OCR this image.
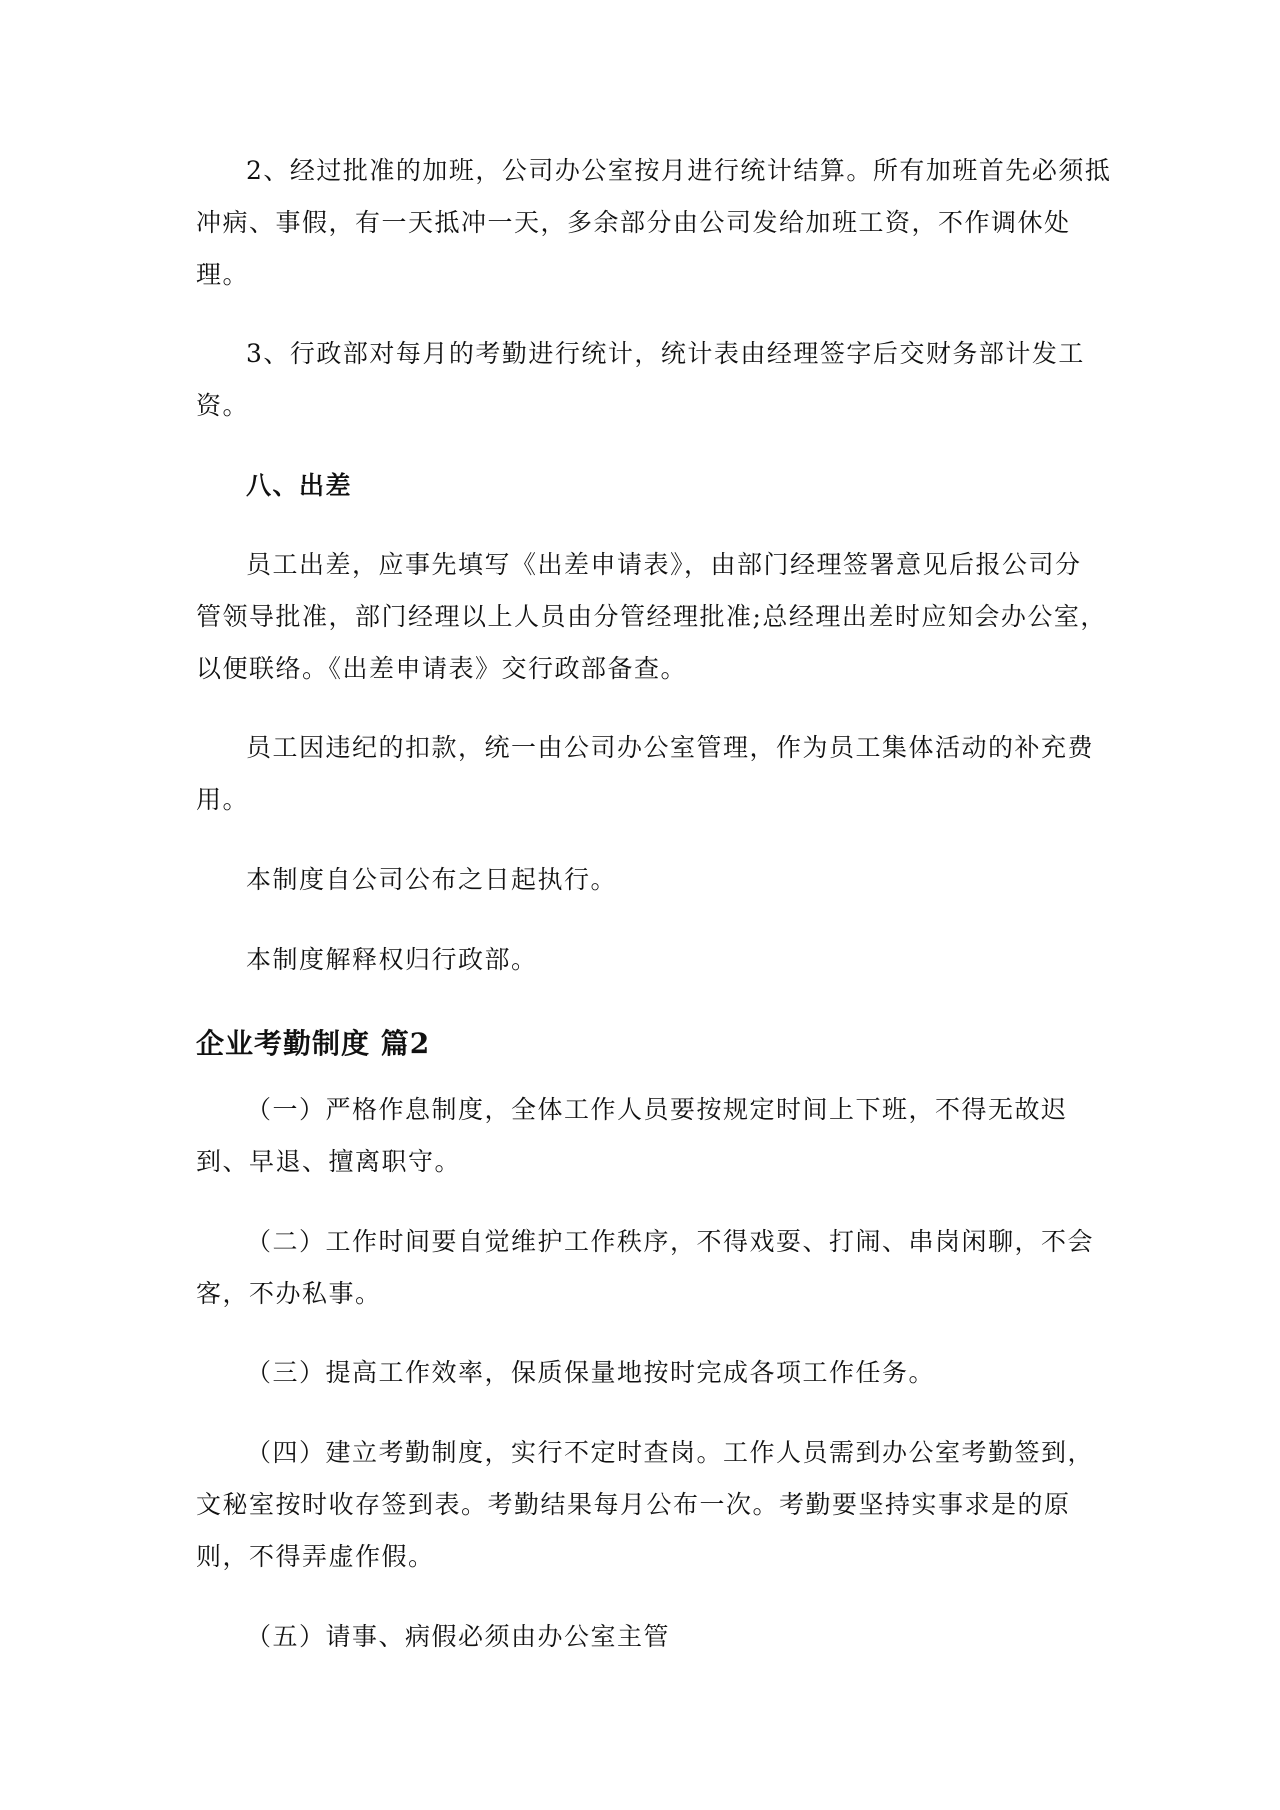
2、经过批准的加班，公司办公室按月进行统计结算。所有加班首先必须抵
冲病、事假，有一天抵冲一天，多余部分由公司发给加班工资，不作调休处
理。
3、行政部对每月的考勤进行统计，统计表由经理签字后交财务部计发工
资。
八、出差
员工出差，应事先填写《出差申请表》，由部门经理签署意见后报公司分
管领导批准，部门经理以上人员由分管经理批准;总经理出差时应知会办公室，
以便联络。《出差申请表》交行政部备查。
员工因违纪的扣款，统一由公司办公室管理，作为员工集体活动的补充费
用。
本制度自公司公布之日起执行。
本制度解释权归行政部。
企业考勤制度 篇2
（一）严格作息制度，全体工作人员要按规定时间上下班，不得无故迟
到、早退、擅离职守。
（二）工作时间要自觉维护工作秩序，不得戏耍、打闹、串岗闲聊，不会
客，不办私事。
（三）提高工作效率，保质保量地按时完成各项工作任务。
（四）建立考勤制度，实行不定时查岗。工作人员需到办公室考勤签到，
文秘室按时收存签到表。考勤结果每月公布一次。考勤要坚持实事求是的原
则，不得弄虚作假。
（五）请事、病假必须由办公室主管
